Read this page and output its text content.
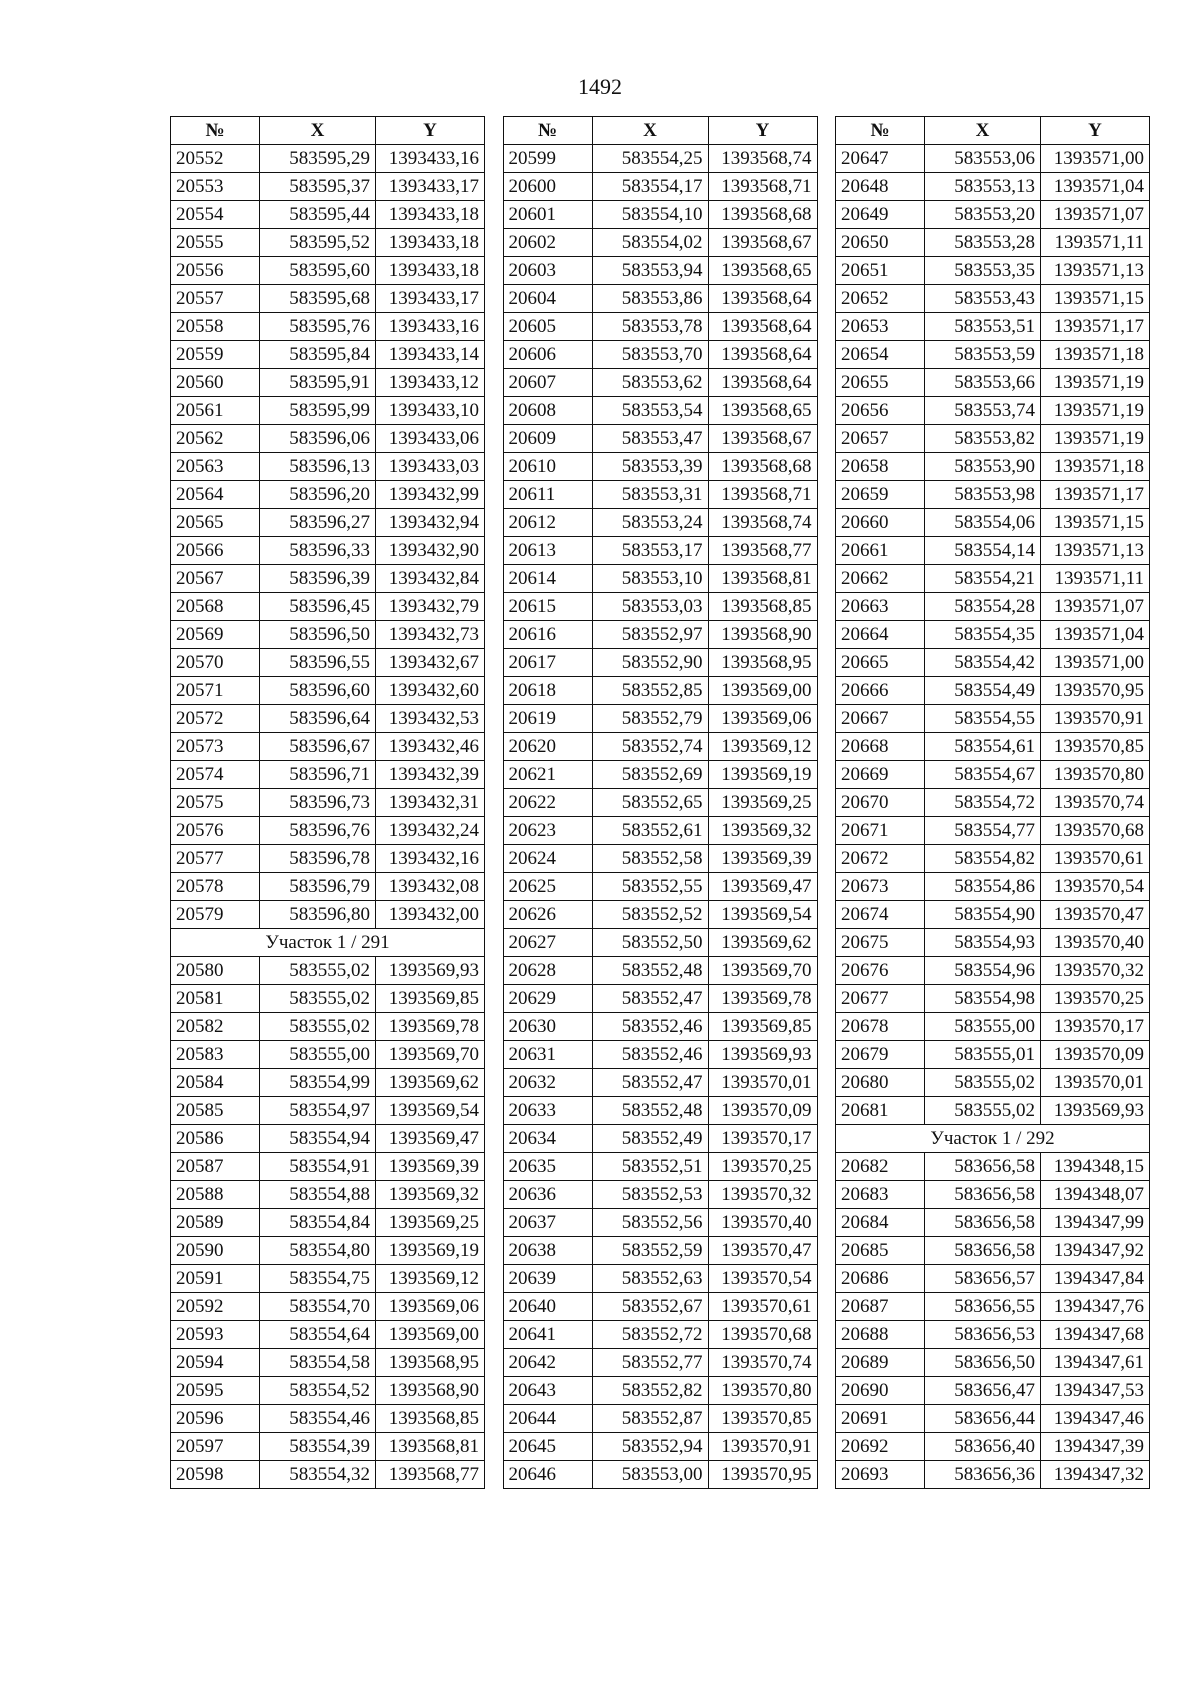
1492
№	X	Y
20552	583595,29	1393433,16
20553	583595,37	1393433,17
20554	583595,44	1393433,18
20555	583595,52	1393433,18
20556	583595,60	1393433,18
20557	583595,68	1393433,17
20558	583595,76	1393433,16
20559	583595,84	1393433,14
20560	583595,91	1393433,12
20561	583595,99	1393433,10
20562	583596,06	1393433,06
20563	583596,13	1393433,03
20564	583596,20	1393432,99
20565	583596,27	1393432,94
20566	583596,33	1393432,90
20567	583596,39	1393432,84
20568	583596,45	1393432,79
20569	583596,50	1393432,73
20570	583596,55	1393432,67
20571	583596,60	1393432,60
20572	583596,64	1393432,53
20573	583596,67	1393432,46
20574	583596,71	1393432,39
20575	583596,73	1393432,31
20576	583596,76	1393432,24
20577	583596,78	1393432,16
20578	583596,79	1393432,08
20579	583596,80	1393432,00
Участок 1 / 291		
20580	583555,02	1393569,93
20581	583555,02	1393569,85
20582	583555,02	1393569,78
20583	583555,00	1393569,70
20584	583554,99	1393569,62
20585	583554,97	1393569,54
20586	583554,94	1393569,47
20587	583554,91	1393569,39
20588	583554,88	1393569,32
20589	583554,84	1393569,25
20590	583554,80	1393569,19
20591	583554,75	1393569,12
20592	583554,70	1393569,06
20593	583554,64	1393569,00
20594	583554,58	1393568,95
20595	583554,52	1393568,90
20596	583554,46	1393568,85
20597	583554,39	1393568,81
20598	583554,32	1393568,77
№	X	Y
20599	583554,25	1393568,74
20600	583554,17	1393568,71
20601	583554,10	1393568,68
20602	583554,02	1393568,67
20603	583553,94	1393568,65
20604	583553,86	1393568,64
20605	583553,78	1393568,64
20606	583553,70	1393568,64
20607	583553,62	1393568,64
20608	583553,54	1393568,65
20609	583553,47	1393568,67
20610	583553,39	1393568,68
20611	583553,31	1393568,71
20612	583553,24	1393568,74
20613	583553,17	1393568,77
20614	583553,10	1393568,81
20615	583553,03	1393568,85
20616	583552,97	1393568,90
20617	583552,90	1393568,95
20618	583552,85	1393569,00
20619	583552,79	1393569,06
20620	583552,74	1393569,12
20621	583552,69	1393569,19
20622	583552,65	1393569,25
20623	583552,61	1393569,32
20624	583552,58	1393569,39
20625	583552,55	1393569,47
20626	583552,52	1393569,54
20627	583552,50	1393569,62
20628	583552,48	1393569,70
20629	583552,47	1393569,78
20630	583552,46	1393569,85
20631	583552,46	1393569,93
20632	583552,47	1393570,01
20633	583552,48	1393570,09
20634	583552,49	1393570,17
20635	583552,51	1393570,25
20636	583552,53	1393570,32
20637	583552,56	1393570,40
20638	583552,59	1393570,47
20639	583552,63	1393570,54
20640	583552,67	1393570,61
20641	583552,72	1393570,68
20642	583552,77	1393570,74
20643	583552,82	1393570,80
20644	583552,87	1393570,85
20645	583552,94	1393570,91
20646	583553,00	1393570,95
№	X	Y
20647	583553,06	1393571,00
20648	583553,13	1393571,04
20649	583553,20	1393571,07
20650	583553,28	1393571,11
20651	583553,35	1393571,13
20652	583553,43	1393571,15
20653	583553,51	1393571,17
20654	583553,59	1393571,18
20655	583553,66	1393571,19
20656	583553,74	1393571,19
20657	583553,82	1393571,19
20658	583553,90	1393571,18
20659	583553,98	1393571,17
20660	583554,06	1393571,15
20661	583554,14	1393571,13
20662	583554,21	1393571,11
20663	583554,28	1393571,07
20664	583554,35	1393571,04
20665	583554,42	1393571,00
20666	583554,49	1393570,95
20667	583554,55	1393570,91
20668	583554,61	1393570,85
20669	583554,67	1393570,80
20670	583554,72	1393570,74
20671	583554,77	1393570,68
20672	583554,82	1393570,61
20673	583554,86	1393570,54
20674	583554,90	1393570,47
20675	583554,93	1393570,40
20676	583554,96	1393570,32
20677	583554,98	1393570,25
20678	583555,00	1393570,17
20679	583555,01	1393570,09
20680	583555,02	1393570,01
20681	583555,02	1393569,93
Участок 1 / 292		
20682	583656,58	1394348,15
20683	583656,58	1394348,07
20684	583656,58	1394347,99
20685	583656,58	1394347,92
20686	583656,57	1394347,84
20687	583656,55	1394347,76
20688	583656,53	1394347,68
20689	583656,50	1394347,61
20690	583656,47	1394347,53
20691	583656,44	1394347,46
20692	583656,40	1394347,39
20693	583656,36	1394347,32
